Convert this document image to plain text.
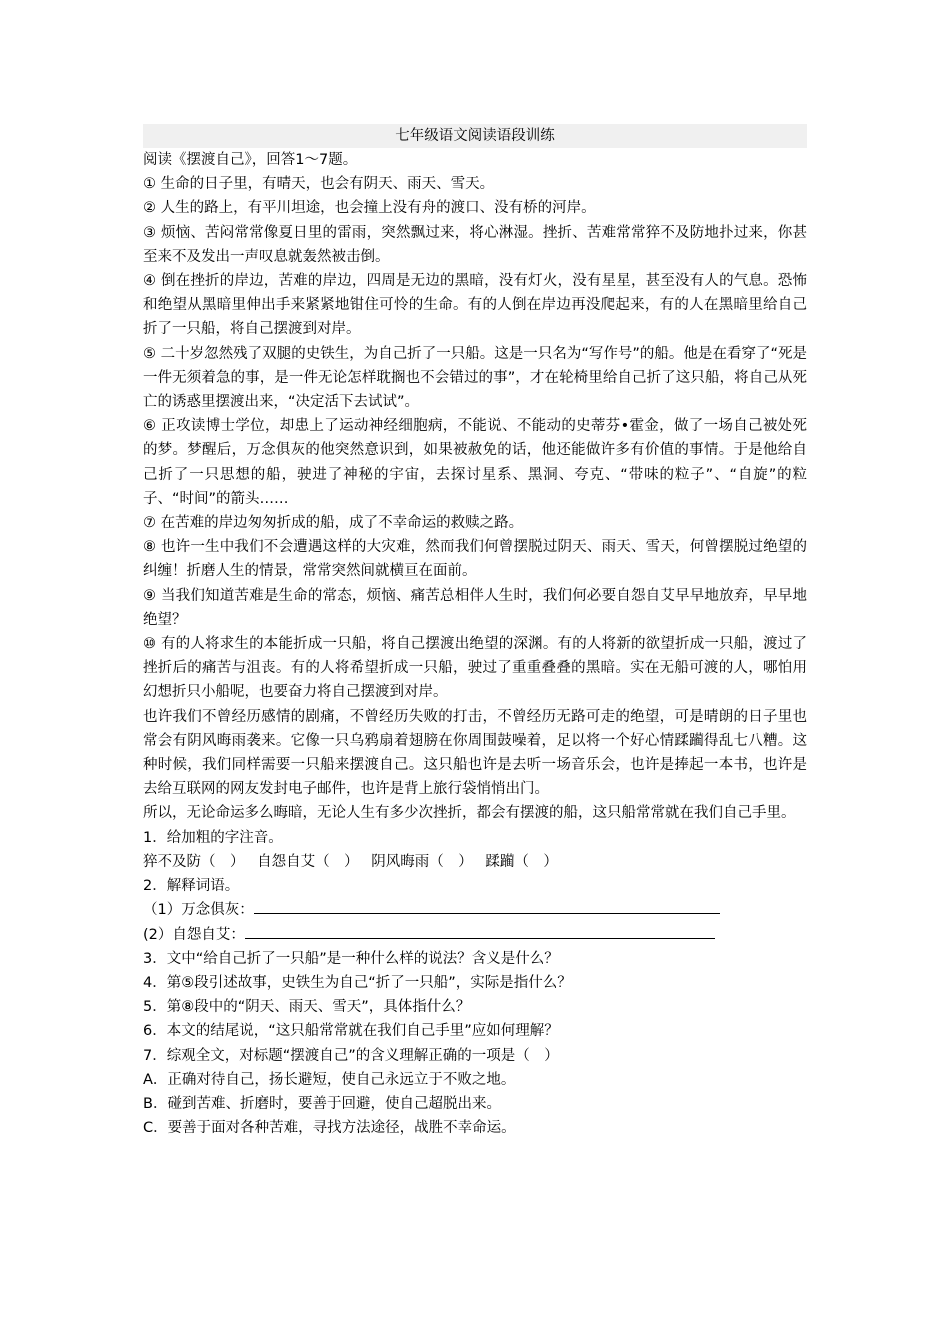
七年级语文阅读语段训练

阅读《摆渡自己》，回答1～7题。

① 生命的日子里，有晴天，也会有阴天、雨天、雪天。

② 人生的路上，有平川坦途，也会撞上没有舟的渡口、没有桥的河岸。

③ 烦恼、苦闷常常像夏日里的雷雨，突然飘过来，将心淋湿。挫折、苦难常常猝不及防地扑过来，你甚至来不及发出一声叹息就轰然被击倒。

④ 倒在挫折的岸边，苦难的岸边，四周是无边的黑暗，没有灯火，没有星星，甚至没有人的气息。恐怖和绝望从黑暗里伸出手来紧紧地钳住可怜的生命。有的人倒在岸边再没爬起来，有的人在黑暗里给自己折了一只船，将自己摆渡到对岸。

⑤ 二十岁忽然残了双腿的史铁生，为自己折了一只船。这是一只名为“写作号”的船。他是在看穿了“死是一件无须着急的事，是一件无论怎样耽搁也不会错过的事”，才在轮椅里给自己折了这只船，将自己从死亡的诱惑里摆渡出来，“决定活下去试试”。

⑥ 正攻读博士学位，却患上了运动神经细胞病，不能说、不能动的史蒂芬•霍金，做了一场自己被处死的梦。梦醒后，万念俱灰的他突然意识到，如果被赦免的话，他还能做许多有价值的事情。于是他给自己折了一只思想的船，驶进了神秘的宇宙，去探讨星系、黑洞、夸克、“带味的粒子”、“自旋”的粒子、“时间”的箭头……

⑦ 在苦难的岸边匆匆折成的船，成了不幸命运的救赎之路。

⑧ 也许一生中我们不会遭遇这样的大灾难，然而我们何曾摆脱过阴天、雨天、雪天，何曾摆脱过绝望的纠缠！折磨人生的情景，常常突然间就横亘在面前。

⑨ 当我们知道苦难是生命的常态，烦恼、痛苦总相伴人生时，我们何必要自怨自艾早早地放弃，早早地绝望？

⑩ 有的人将求生的本能折成一只船，将自己摆渡出绝望的深渊。有的人将新的欲望折成一只船，渡过了挫折后的痛苦与沮丧。有的人将希望折成一只船，驶过了重重叠叠的黑暗。实在无船可渡的人，哪怕用幻想折只小船呢，也要奋力将自己摆渡到对岸。

也许我们不曾经历感情的剧痛，不曾经历失败的打击，不曾经历无路可走的绝望，可是晴朗的日子里也常会有阴风晦雨袭来。它像一只乌鸦扇着翅膀在你周围鼓噪着，足以将一个好心情蹂躏得乱七八糟。这种时候，我们同样需要一只船来摆渡自己。这只船也许是去听一场音乐会，也许是捧起一本书，也许是去给互联网的网友发封电子邮件，也许是背上旅行袋悄悄出门。

所以，无论命运多么晦暗，无论人生有多少次挫折，都会有摆渡的船，这只船常常就在我们自己手里。

1．给加粗的字注音。

猝不及防（　） 自怨自艾（　） 阴风晦雨（　） 蹂躏（　）

2．解释词语。

（1）万念俱灰：

(2）自怨自艾：

3．文中“给自己折了一只船”是一种什么样的说法？含义是什么？

4．第⑤段引述故事，史铁生为自己“折了一只船”，实际是指什么？

5．第⑧段中的“阴天、雨天、雪天”，具体指什么？

6．本文的结尾说，“这只船常常就在我们自己手里”应如何理解？

7．综观全文，对标题“摆渡自己”的含义理解正确的一项是（　）

A．正确对待自己，扬长避短，使自己永远立于不败之地。

B．碰到苦难、折磨时，要善于回避，使自己超脱出来。

C．要善于面对各种苦难，寻找方法途径，战胜不幸命运。
